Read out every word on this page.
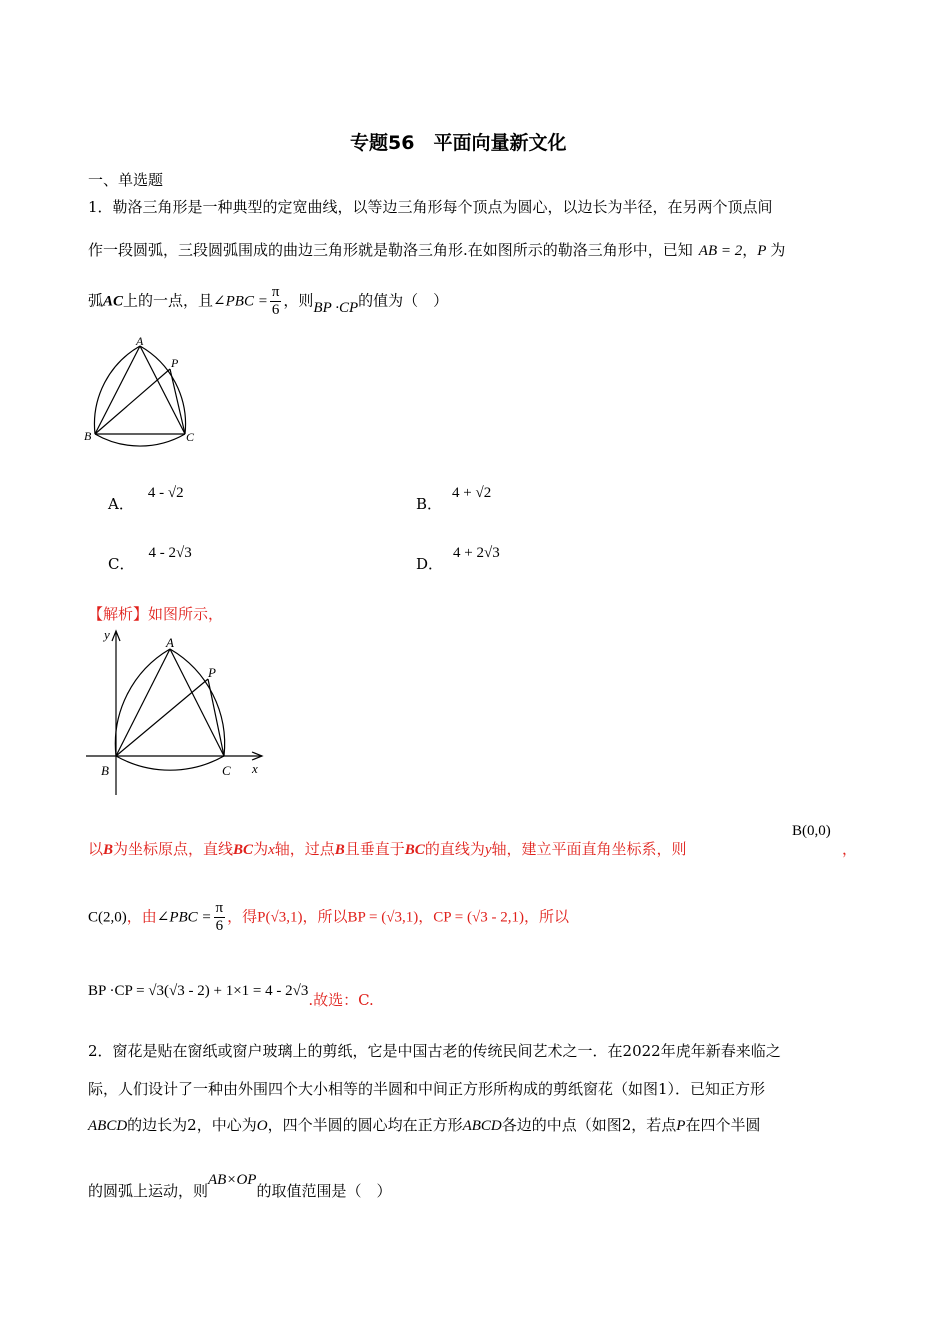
专题56　平面向量新文化
一、单选题
1．勒洛三角形是一种典型的定宽曲线，以等边三角形每个顶点为圆心，以边长为半径，在另两个顶点间
作一段圆弧，三段圆弧围成的曲边三角形就是勒洛三角形.在如图所示的勒洛三角形中，已知 AB = 2，P 为
弧AC上的一点，且∠PBC = $\frac{\pi}{6}$ ，则BP ·CP的值为（　）
A
P
B	C
A．4 - √2
B．4 + √2
C．4 - 2√3
D．4 + 2√3
【解析】如图所示，
y
x
A
P
B	C
以B为坐标原点，直线BC为x轴，过点B且垂直于BC的直线为y轴，建立平面直角坐标系，则
B(0,0)
，
C(2,0)，由∠PBC = $\frac{\pi}{6}$ ，得P(√3,1)，所以BP = (√3,1)，CP = (√3 - 2,1)，所以
BP ·CP = √3(√3 - 2) + 1×1 = 4 - 2√3.故选：C.
2．窗花是贴在窗纸或窗户玻璃上的剪纸，它是中国古老的传统民间艺术之一．在2022年虎年新春来临之
际，人们设计了一种由外围四个大小相等的半圆和中间正方形所构成的剪纸窗花（如图1）．已知正方形
ABCD的边长为2，中心为O，四个半圆的圆心均在正方形ABCD各边的中点（如图2，若点P在四个半圆
的圆弧上运动，则AB×OP的取值范围是（　）
